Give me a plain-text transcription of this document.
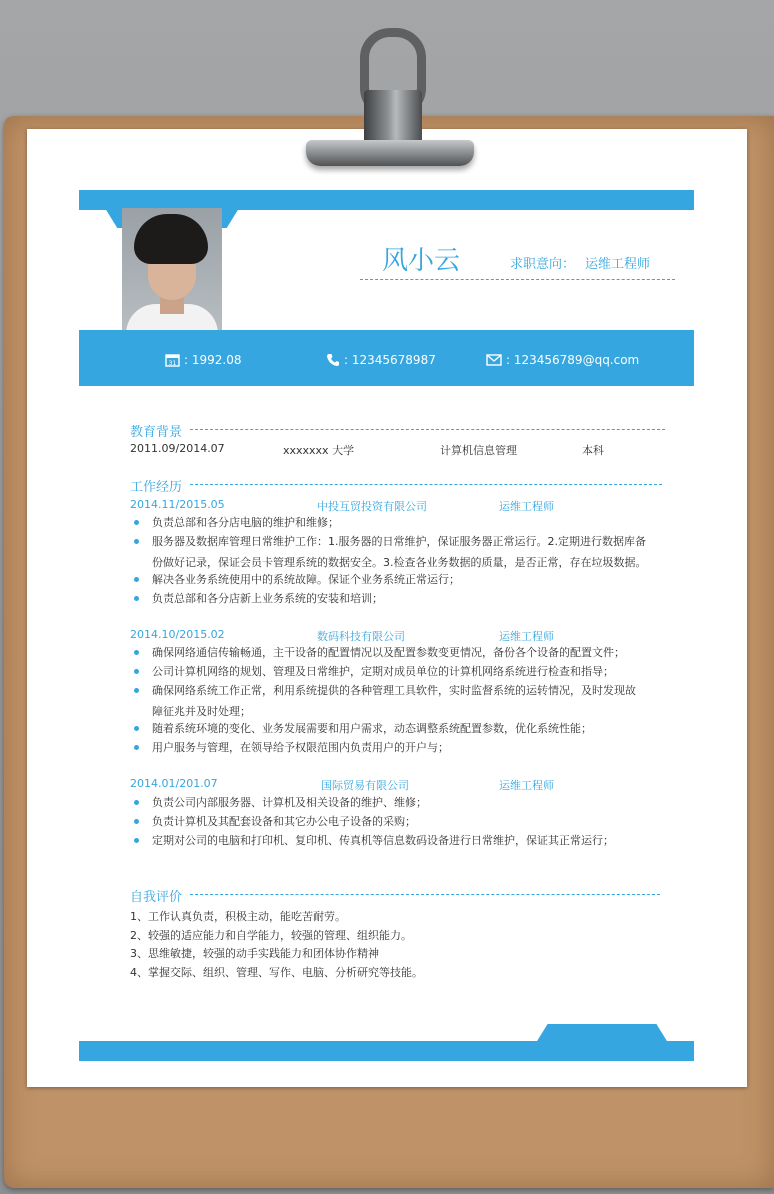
风小云	求职意向： 运维工程师
31 : 1992.08	: 12345678987	: 123456789@qq.com
教育背景
2011.09/2014.07	xxxxxxx 大学	计算机信息管理	本科
工作经历
2014.11/2015.05	中投互贸投资有限公司	运维工程师
负责总部和各分店电脑的维护和维修；
服务器及数据库管理日常维护工作：1.服务器的日常维护，保证服务器正常运行。2.定期进行数据库备
份做好记录，保证会员卡管理系统的数据安全。3.检查各业务数据的质量，是否正常，存在垃圾数据。
解决各业务系统使用中的系统故障。保证个业务系统正常运行；
负责总部和各分店新上业务系统的安装和培训；
2014.10/2015.02	数码科技有限公司	运维工程师
确保网络通信传输畅通，主干设备的配置情况以及配置参数变更情况，备份各个设备的配置文件；
公司计算机网络的规划、管理及日常维护，定期对成员单位的计算机网络系统进行检查和指导；
确保网络系统工作正常，利用系统提供的各种管理工具软件，实时监督系统的运转情况，及时发现故
障征兆并及时处理；
随着系统环境的变化、业务发展需要和用户需求，动态调整系统配置参数，优化系统性能；
用户服务与管理，在领导给予权限范围内负责用户的开户与；
2014.01/201.07	国际贸易有限公司	运维工程师
负责公司内部服务器、计算机及相关设备的维护、维修；
负责计算机及其配套设备和其它办公电子设备的采购；
定期对公司的电脑和打印机、复印机、传真机等信息数码设备进行日常维护，保证其正常运行；
自我评价
1、工作认真负责，积极主动，能吃苦耐劳。
2、较强的适应能力和自学能力，较强的管理、组织能力。
3、思维敏捷，较强的动手实践能力和团体协作精神
4、掌握交际、组织、管理、写作、电脑、分析研究等技能。
